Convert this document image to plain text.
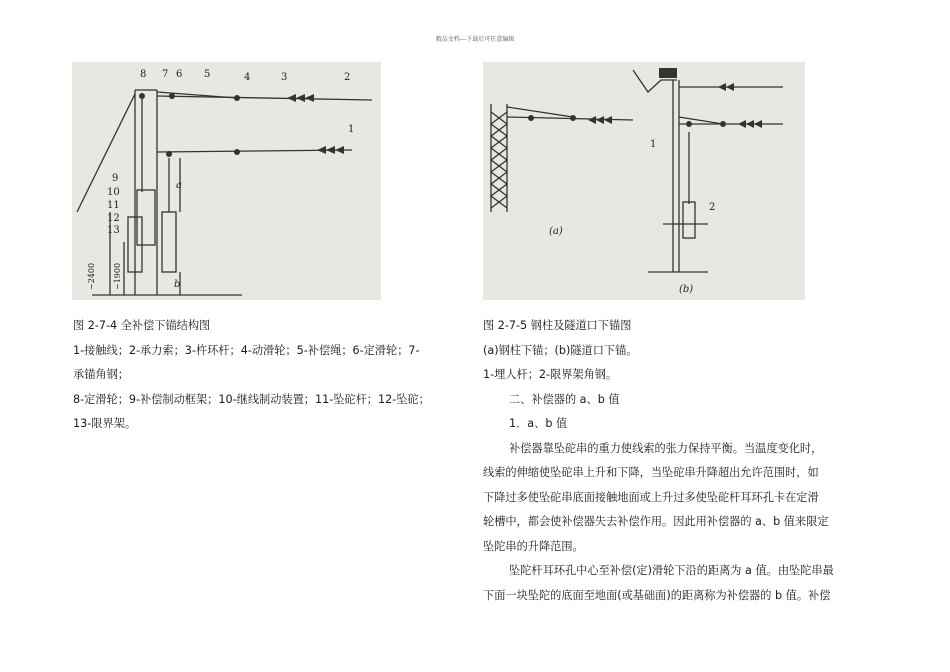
精品文档---下载后可任意编辑
1
2
3
4
5
6
7
8
9
10
11
12
13
a
b
~2400 ~1900
1
2
(a)
(b)

图 2-7-4 全补偿下锚结构图

1-接触线；2-承力索；3-杵环杆；4-动滑轮；5-补偿绳；6-定滑轮；7-

承锚角钢；

8-定滑轮；9-补偿制动框架；10-继线制动装置；11-坠砣杆；12-坠砣；

13-限界架。

图 2-7-5 钢柱及隧道口下锚图

(a)钢柱下锚；(b)隧道口下锚。

1-埋人杆；2-限界架角钢。

二、补偿器的 a、b 值

1．a、b 值

补偿器靠坠砣串的重力使线索的张力保持平衡。当温度变化时，

线索的伸缩使坠砣串上升和下降，当坠砣串升降超出允许范围时，如

下降过多使坠砣串底面接触地面或上升过多使坠砣杆耳环孔卡在定滑

轮槽中，都会使补偿器失去补偿作用。因此用补偿器的 a、b 值来限定

坠陀串的升降范围。

坠陀杆耳环孔中心至补偿(定)滑轮下沿的距离为 a 值。由坠陀串最

下面一块坠陀的底面至地面(或基础面)的距离称为补偿器的 b 值。补偿
